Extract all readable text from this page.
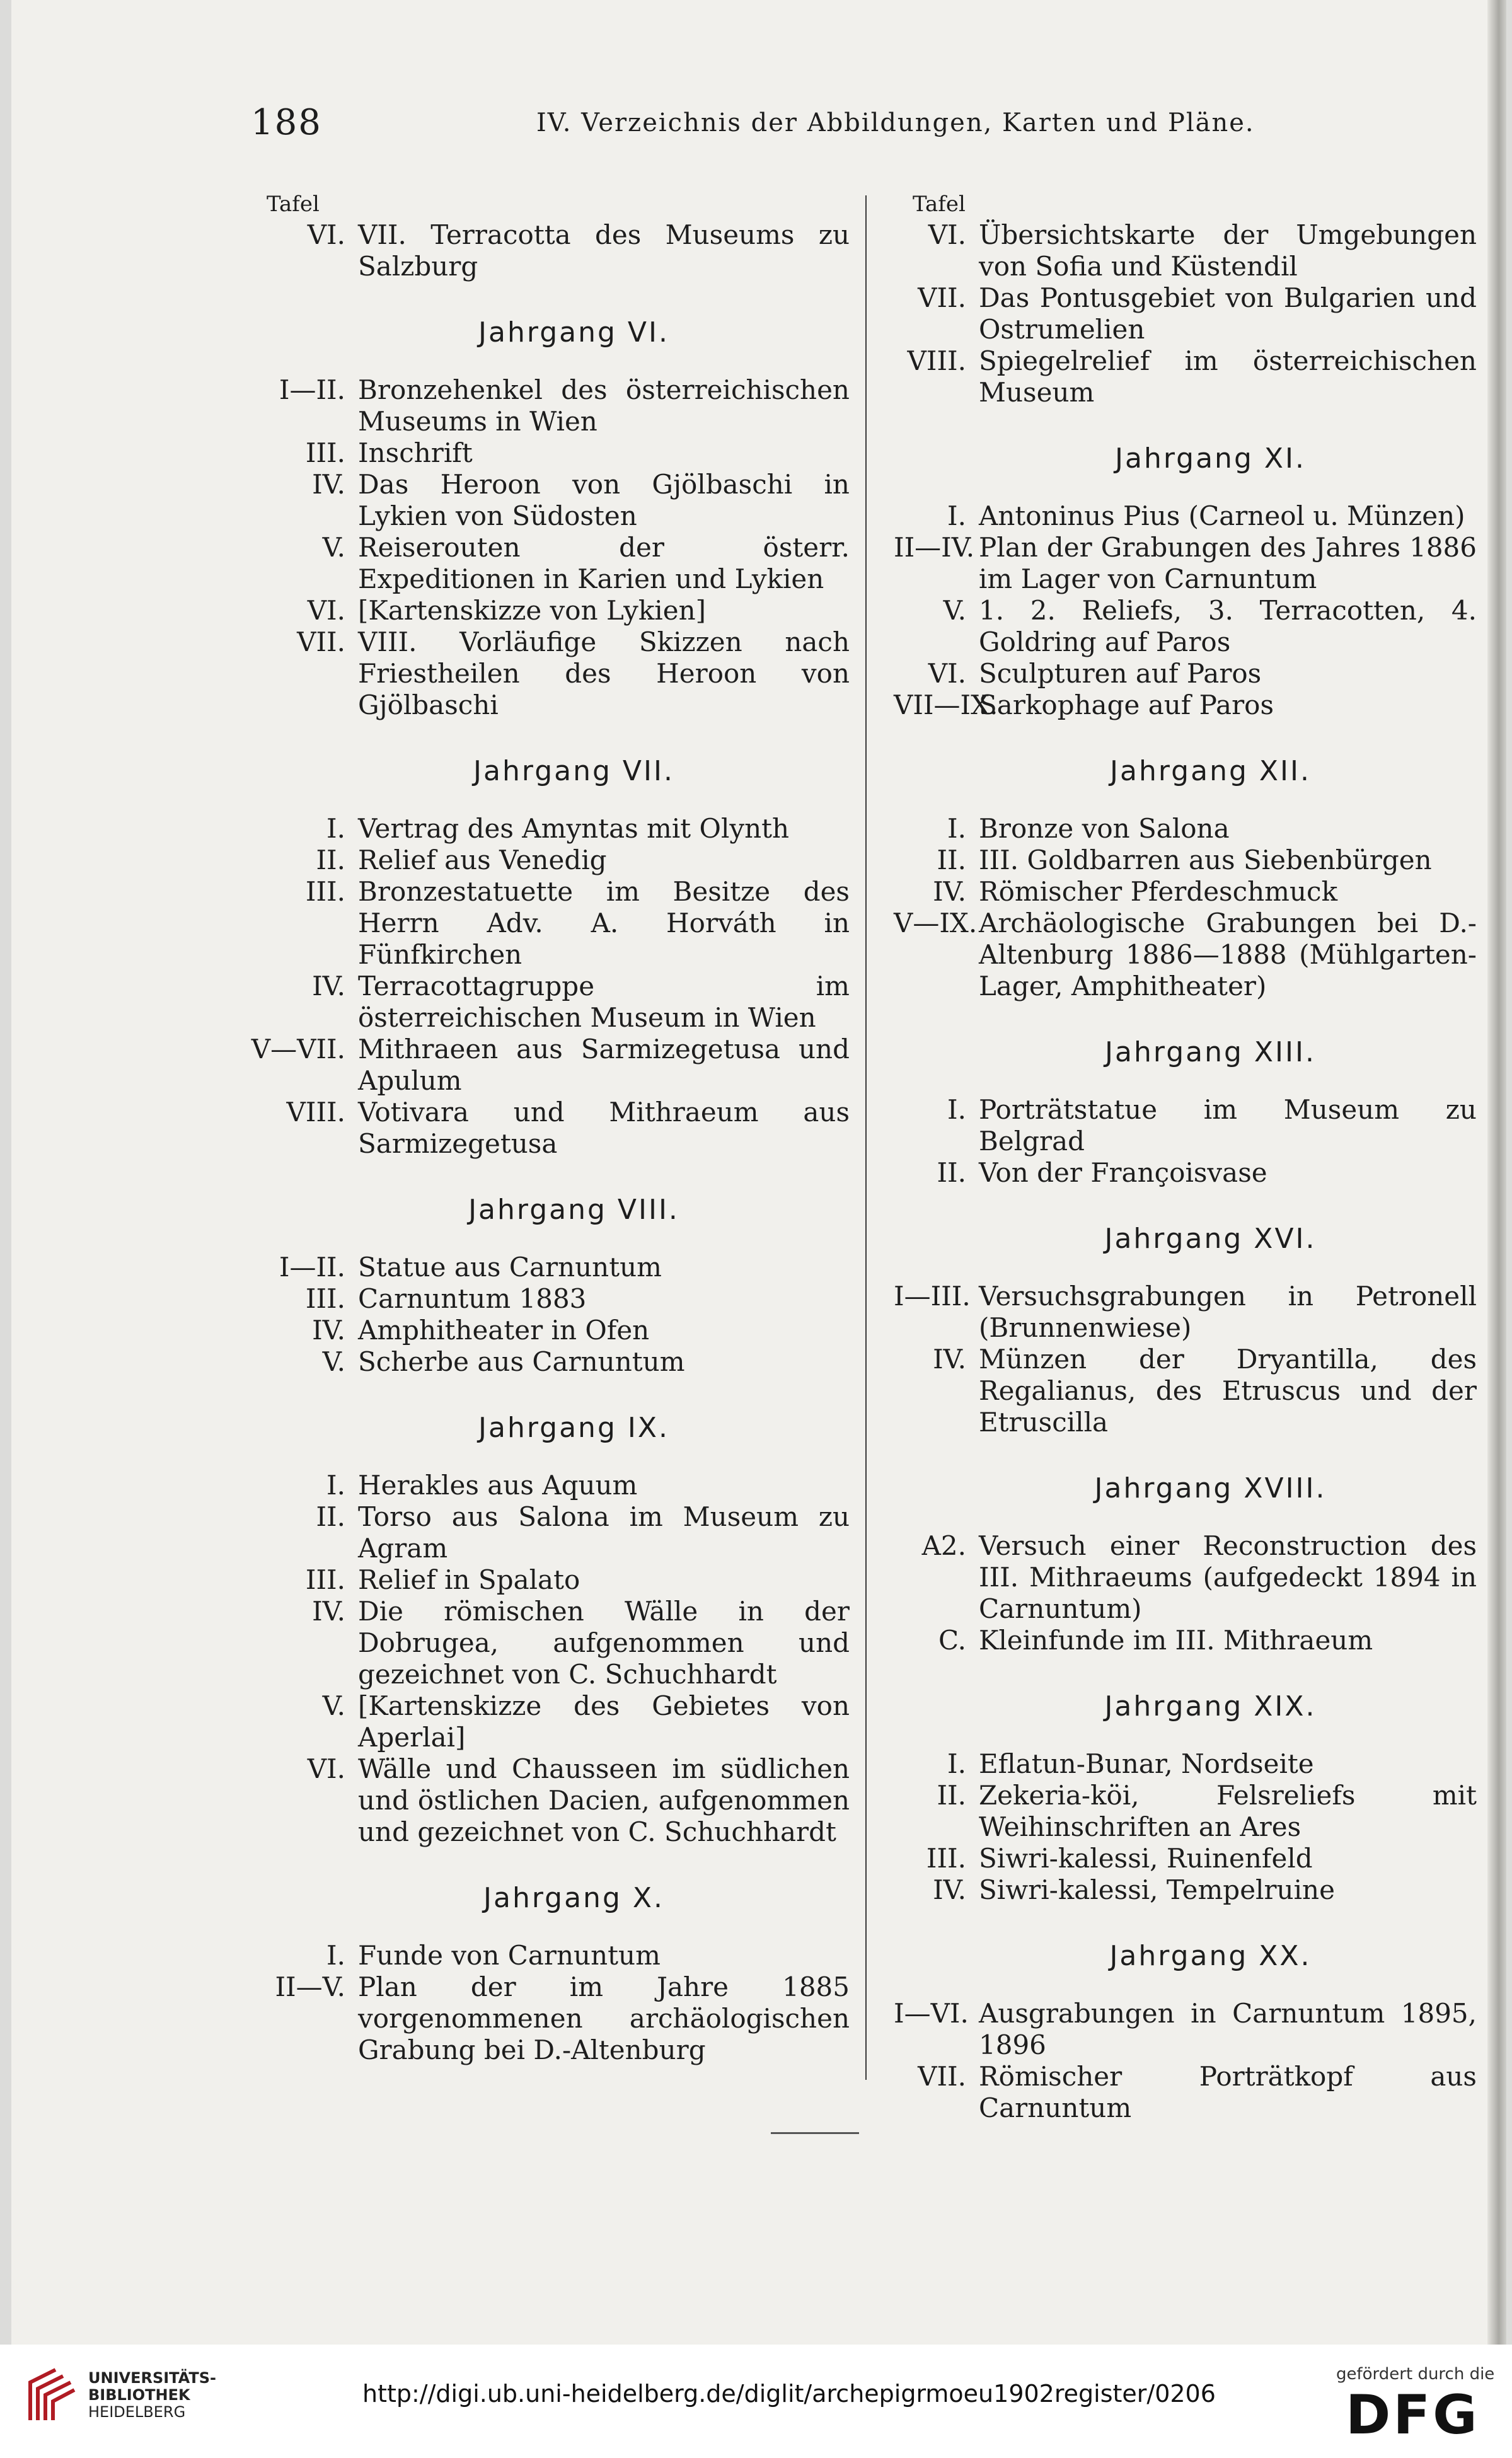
188	IV. Verzeichnis der Abbildungen, Karten und Pläne.
Tafel
VI. VII. Terracotta des Museums zu Salzburg
Jahrgang VI.
I—II. Bronzehenkel des österreichischen Museums in Wien
III. Inschrift
IV. Das Heroon von Gjölbaschi in Lykien von Südosten
V. Reiserouten der österr. Expeditionen in Karien und Lykien
VI. [Kartenskizze von Lykien]
VII. VIII. Vorläufige Skizzen nach Friestheilen des Heroon von Gjölbaschi
Jahrgang VII.
I. Vertrag des Amyntas mit Olynth
II. Relief aus Venedig
III. Bronzestatuette im Besitze des Herrn Adv. A. Horváth in Fünfkirchen
IV. Terracottagruppe im österreichischen Museum in Wien
V—VII. Mithraeen aus Sarmizegetusa und Apulum
VIII. Votivara und Mithraeum aus Sarmizegetusa
Jahrgang VIII.
I—II. Statue aus Carnuntum
III. Carnuntum 1883
IV. Amphitheater in Ofen
V. Scherbe aus Carnuntum
Jahrgang IX.
I. Herakles aus Aquum
II. Torso aus Salona im Museum zu Agram
III. Relief in Spalato
IV. Die römischen Wälle in der Dobrugea, aufgenommen und gezeichnet von C. Schuchhardt
V. [Kartenskizze des Gebietes von Aperlai]
VI. Wälle und Chausseen im südlichen und östlichen Dacien, aufgenommen und gezeichnet von C. Schuchhardt
Jahrgang X.
I. Funde von Carnuntum
II—V. Plan der im Jahre 1885 vorgenommenen archäologischen Grabung bei D.-Altenburg
Tafel
VI. Übersichtskarte der Umgebungen von Sofia und Küstendil
VII. Das Pontusgebiet von Bulgarien und Ostrumelien
VIII. Spiegelrelief im österreichischen Museum
Jahrgang XI.
I. Antoninus Pius (Carneol u. Münzen)
II—IV. Plan der Grabungen des Jahres 1886 im Lager von Carnuntum
V. 1. 2. Reliefs, 3. Terracotten, 4. Goldring auf Paros
VI. Sculpturen auf Paros
VII—IX.
Sarkophage auf Paros
Jahrgang XII.
I. Bronze von Salona
II. III. Goldbarren aus Siebenbürgen
IV. Römischer Pferdeschmuck
V—IX. Archäologische Grabungen bei D.-Altenburg 1886—1888 (Mühlgarten-Lager, Amphitheater)
Jahrgang XIII.
I. Porträtstatue im Museum zu Belgrad
II. Von der Françoisvase
Jahrgang XVI.
I—III. Versuchsgrabungen in Petronell (Brunnenwiese)
IV. Münzen der Dryantilla, des Regalianus, des Etruscus und der Etruscilla
Jahrgang XVIII.
A2. Versuch einer Reconstruction des III. Mithraeums (aufgedeckt 1894 in Carnuntum)
C. Kleinfunde im III. Mithraeum
Jahrgang XIX.
I. Eflatun-Bunar, Nordseite
II. Zekeria-köi, Felsreliefs mit Weihinschriften an Ares
III. Siwri-kalessi, Ruinenfeld
IV. Siwri-kalessi, Tempelruine
Jahrgang XX.
I—VI. Ausgrabungen in Carnuntum 1895, 1896
VII. Römischer Porträtkopf aus Carnuntum
UNIVERSITÄTS-
BIBLIOTHEK
HEIDELBERG
http://digi.ub.uni-heidelberg.de/diglit/archepigrmoeu1902register/0206
gefördert durch die
DFG
